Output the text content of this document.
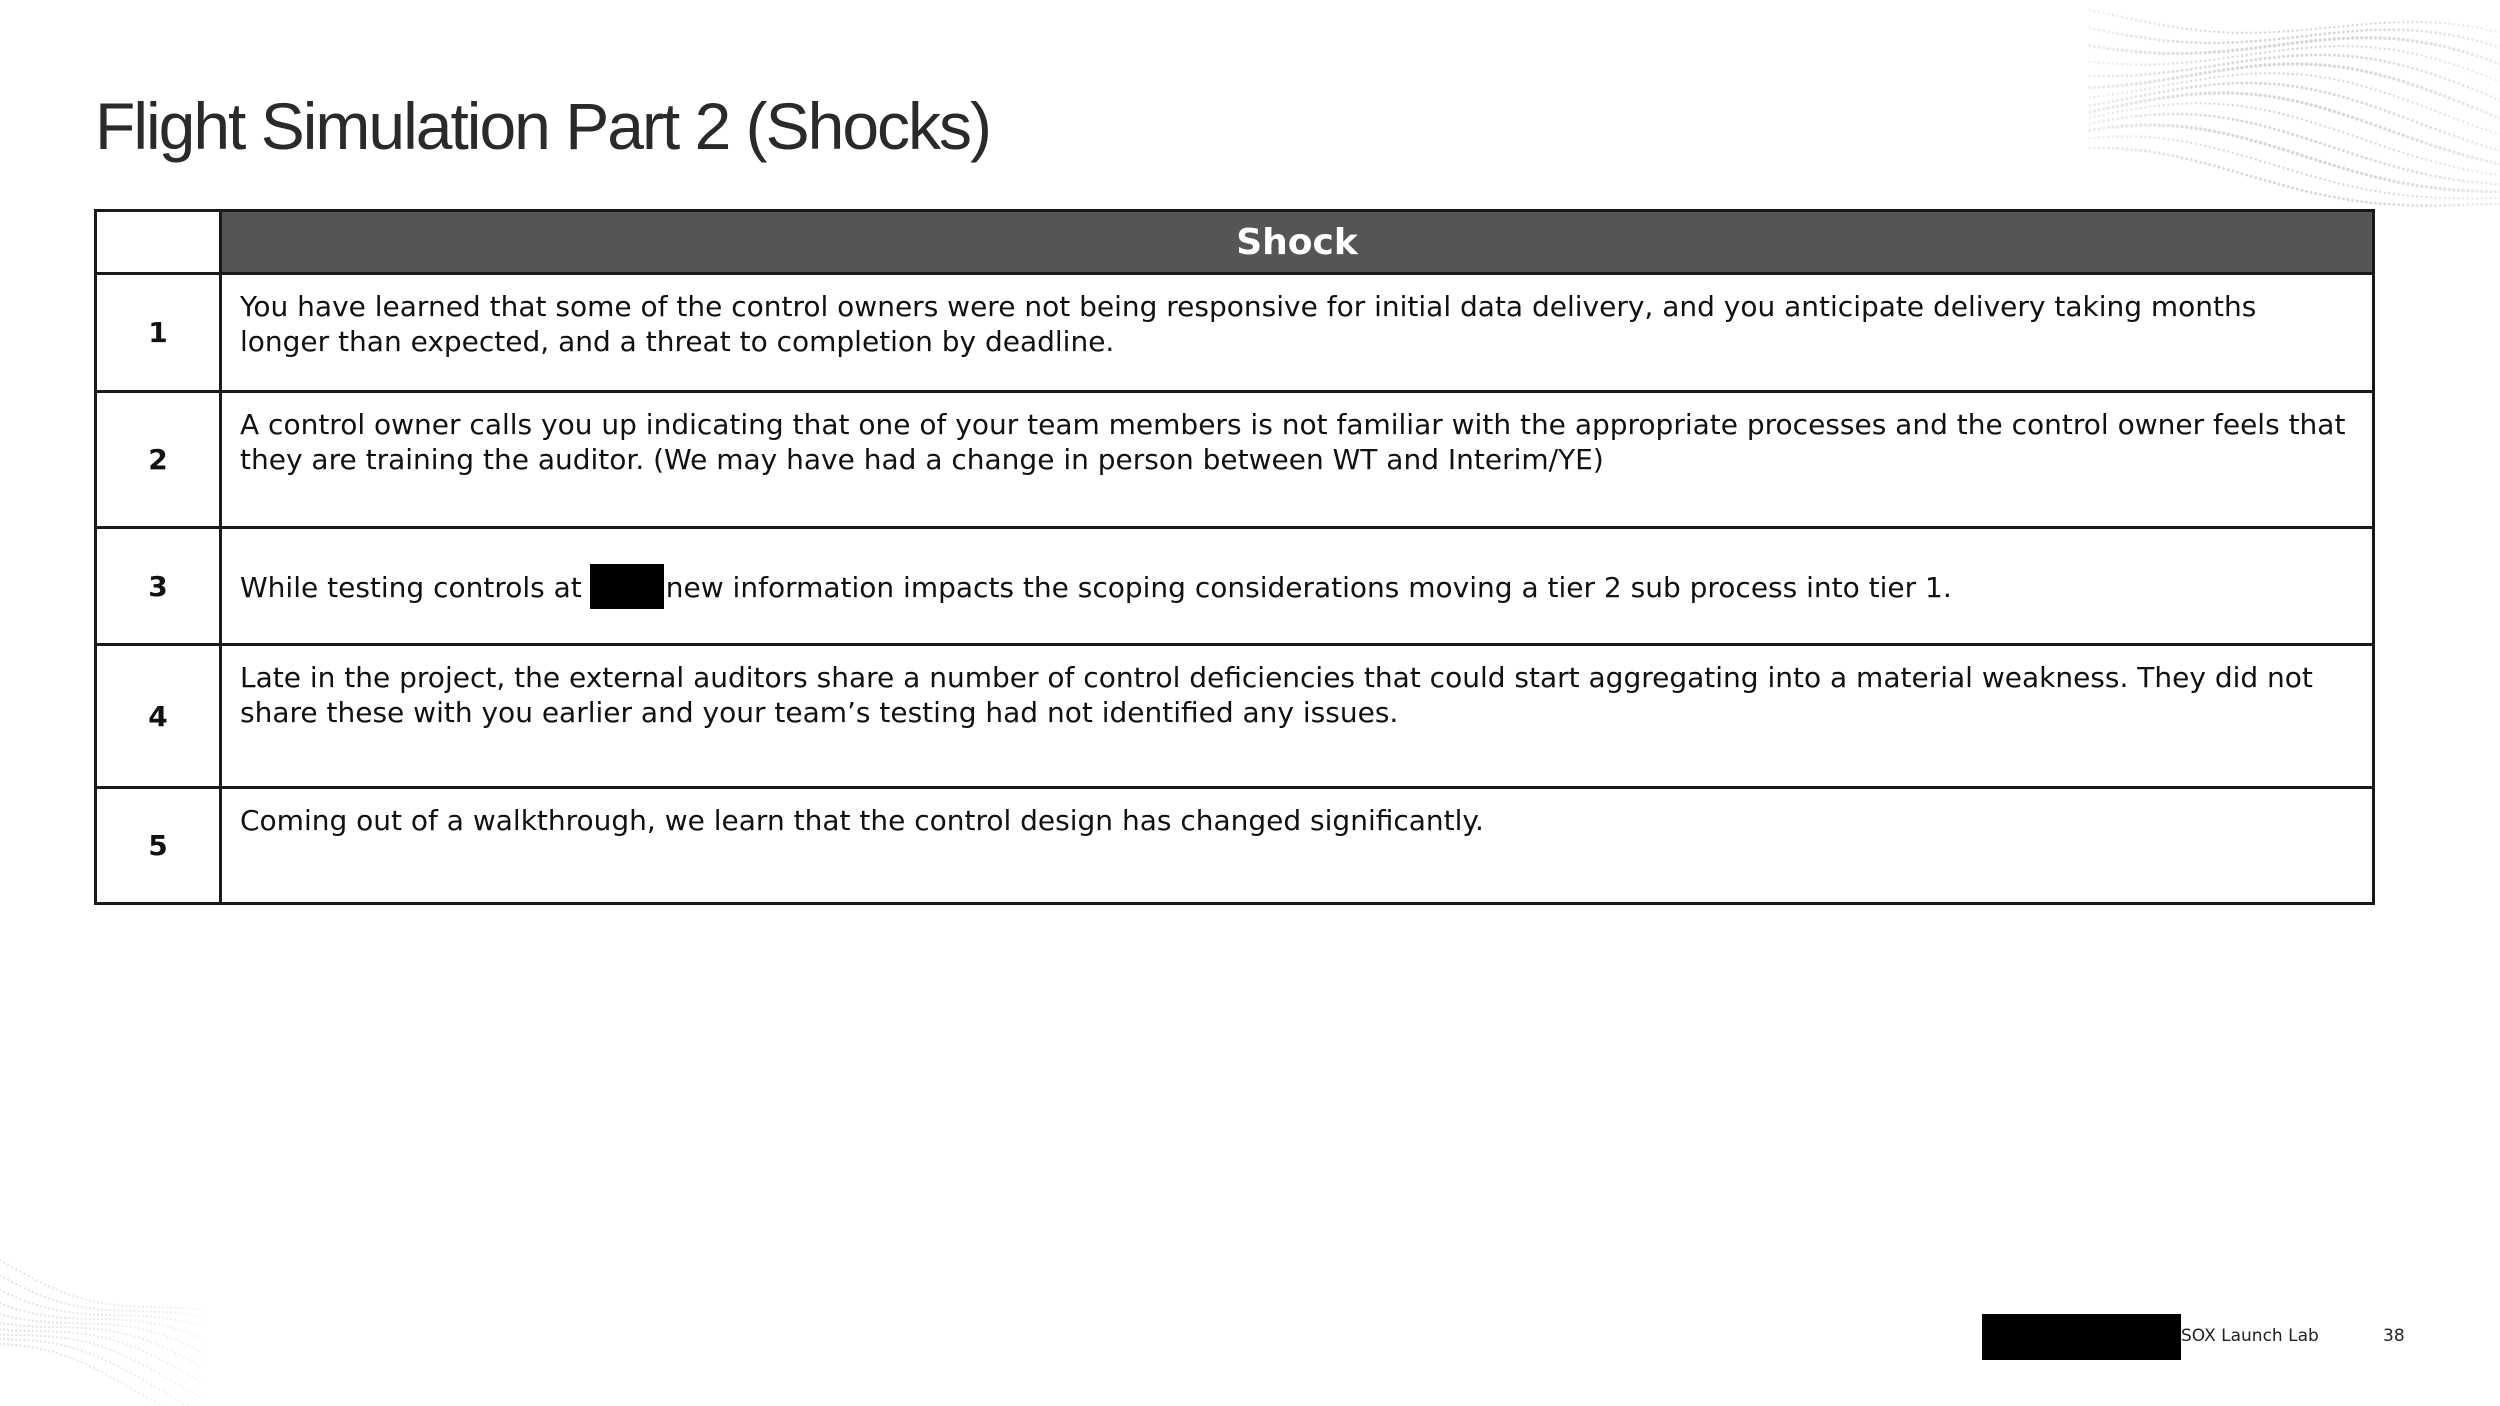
Flight Simulation Part 2 (Shocks)
	Shock
1	You have learned that some of the control owners were not being responsive for initial data delivery, and you anticipate delivery taking months longer than expected, and a threat to completion by deadline.
2	A control owner calls you up indicating that one of your team members is not familiar with the appropriate processes and the control owner feels that they are training the auditor. (We may have had a change in person between WT and Interim/YE)
3	While testing controls at new information impacts the scoping considerations moving a tier 2 sub process into tier 1.
4	Late in the project, the external auditors share a number of control deficiencies that could start aggregating into a material weakness. They did not share these with you earlier and your team’s testing had not identified any issues.
5	Coming out of a walkthrough, we learn that the control design has changed significantly.
SOX Launch Lab	38
